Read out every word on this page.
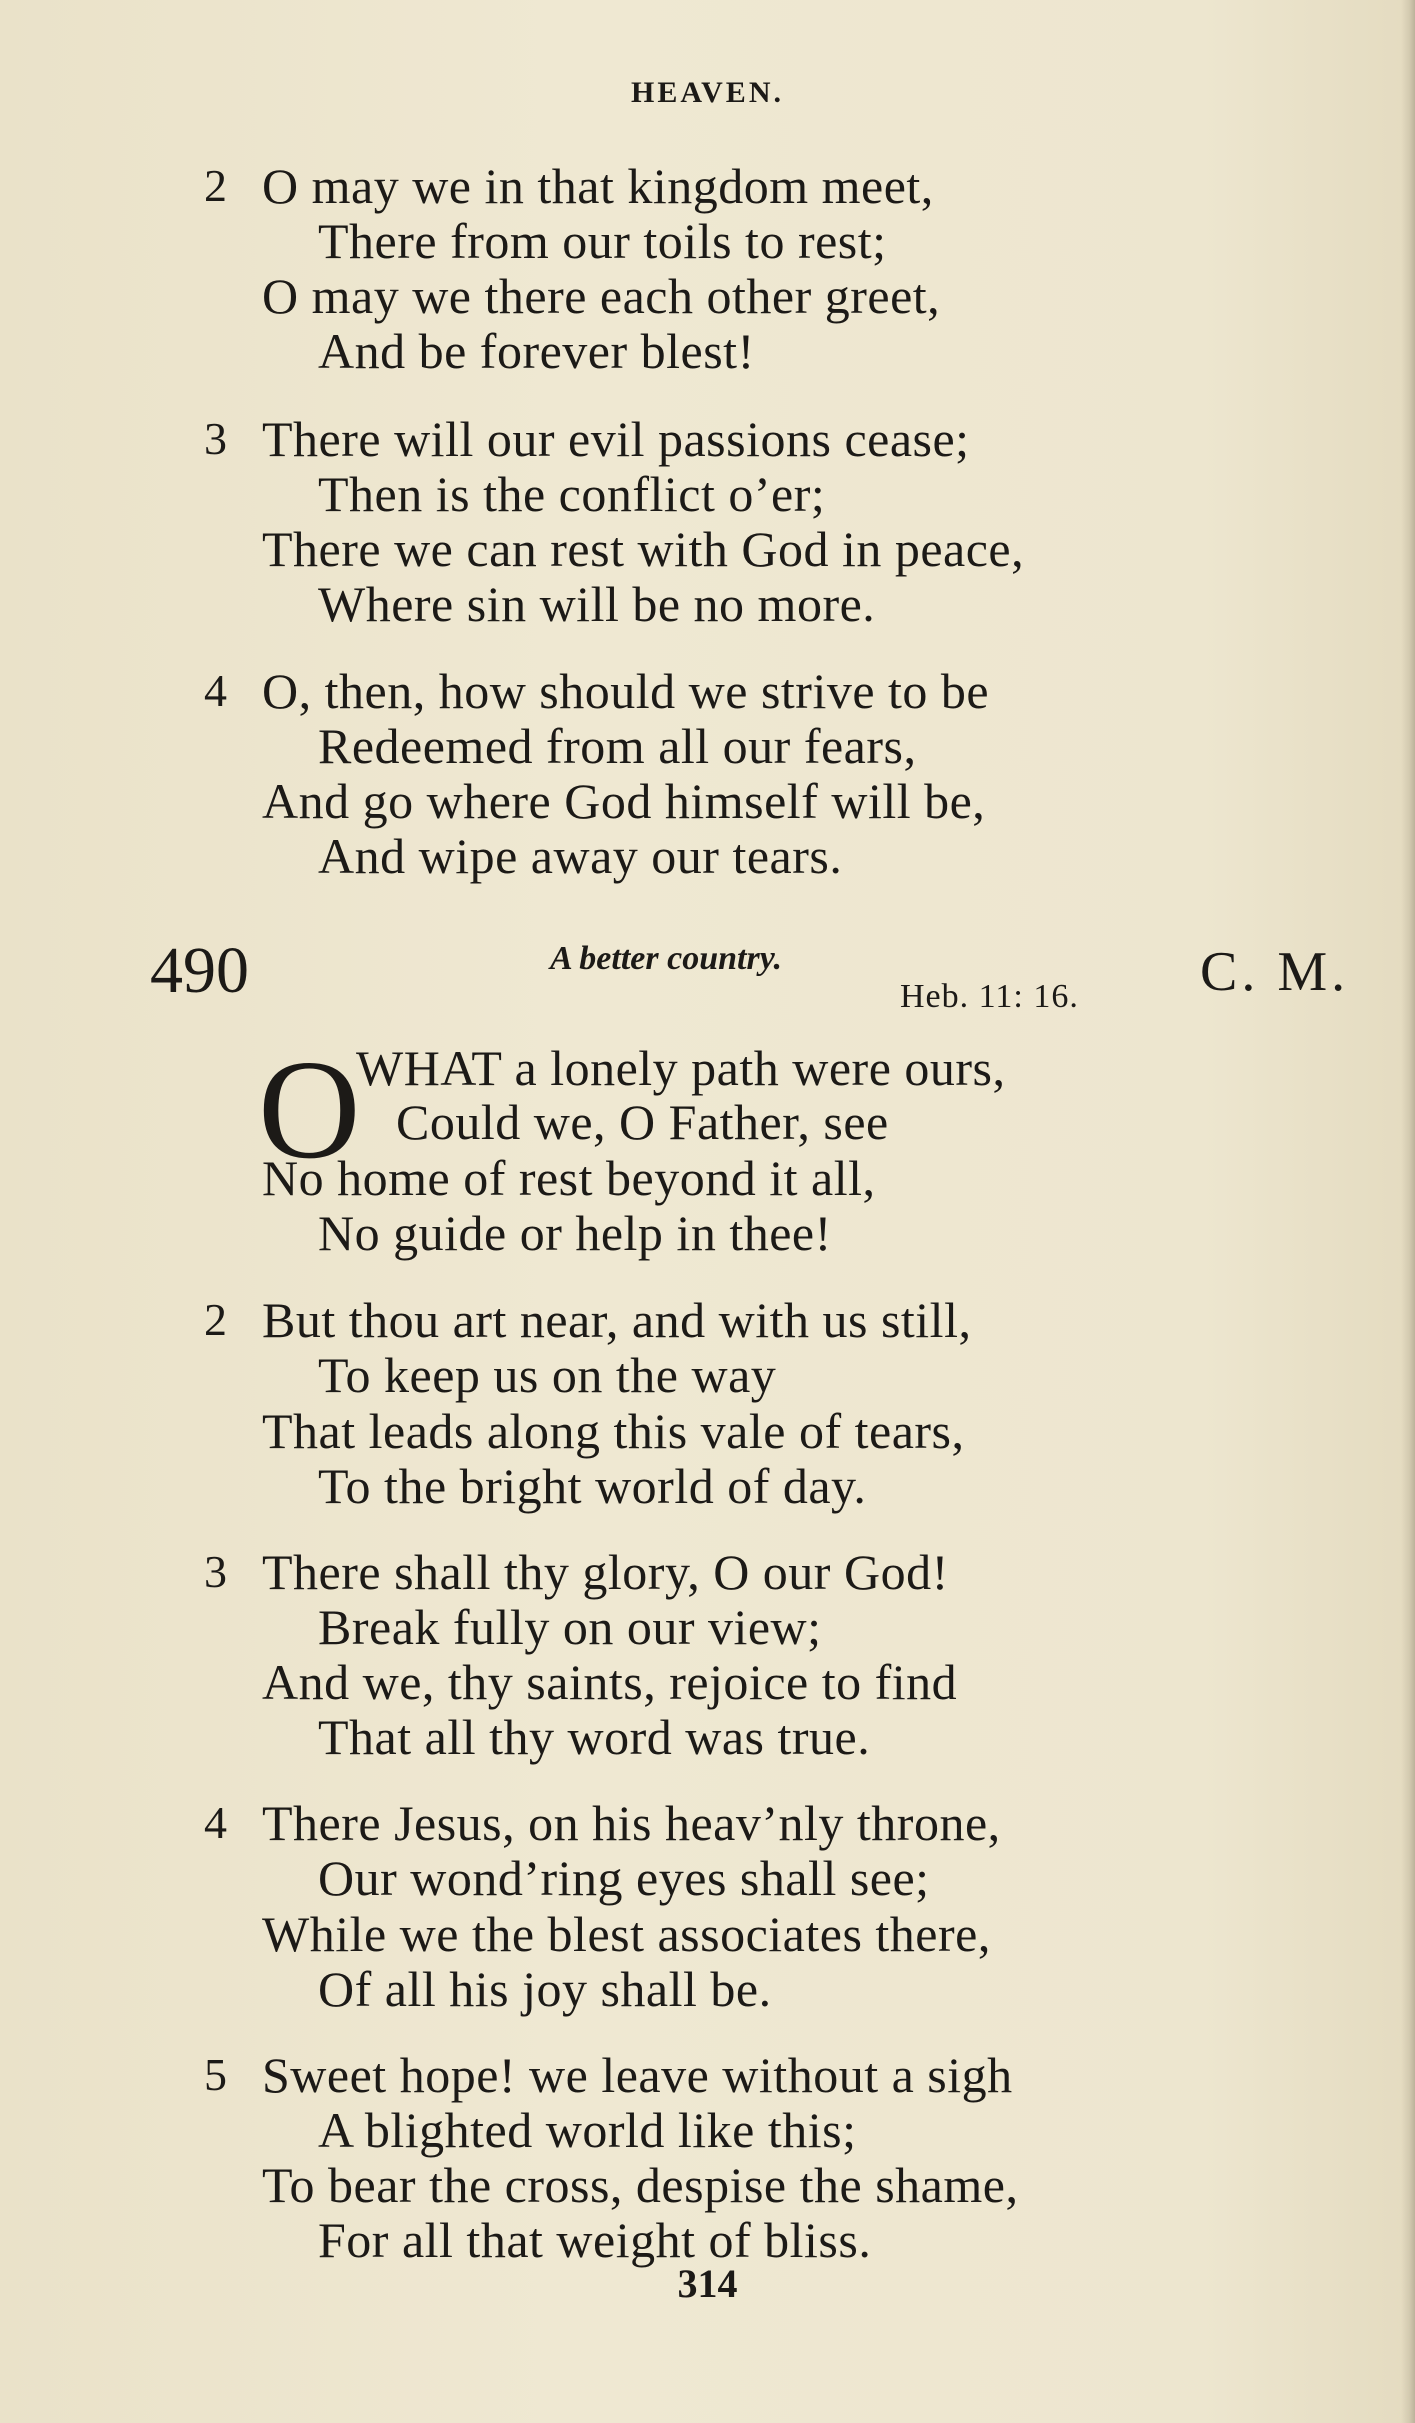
HEAVEN.
2 O may we in that kingdom meet,
There from our toils to rest;
O may we there each other greet,
And be forever blest!
3 There will our evil passions cease;
Then is the conflict o’er;
There we can rest with God in peace,
Where sin will be no more.
4 O, then, how should we strive to be
Redeemed from all our fears,
And go where God himself will be,
And wipe away our tears.
490	A better country.
Heb. 11: 16. C. M.
O
WHAT a lonely path were ours,
Could we, O Father, see
No home of rest beyond it all,
No guide or help in thee!
2 But thou art near, and with us still,
To keep us on the way
That leads along this vale of tears,
To the bright world of day.
3 There shall thy glory, O our God!
Break fully on our view;
And we, thy saints, rejoice to find
That all thy word was true.
4 There Jesus, on his heav’nly throne,
Our wond’ring eyes shall see;
While we the blest associates there,
Of all his joy shall be.
5 Sweet hope! we leave without a sigh
A blighted world like this;
To bear the cross, despise the shame,
For all that weight of bliss.
314
